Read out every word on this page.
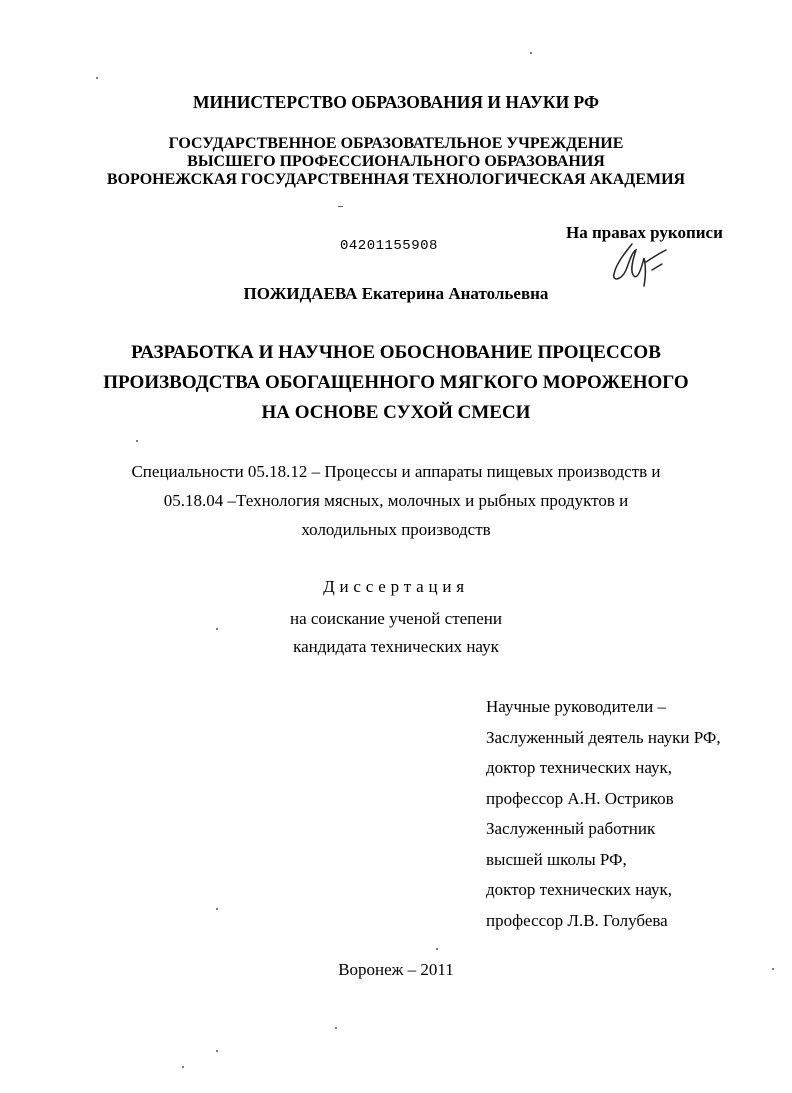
МИНИСТЕРСТВО ОБРАЗОВАНИЯ И НАУКИ РФ
ГОСУДАРСТВЕННОЕ ОБРАЗОВАТЕЛЬНОЕ УЧРЕЖДЕНИЕ
ВЫСШЕГО ПРОФЕССИОНАЛЬНОГО ОБРАЗОВАНИЯ
ВОРОНЕЖСКАЯ ГОСУДАРСТВЕННАЯ ТЕХНОЛОГИЧЕСКАЯ АКАДЕМИЯ
04201155908
На правах рукописи
ПОЖИДАЕВА Екатерина Анатольевна
РАЗРАБОТКА И НАУЧНОЕ ОБОСНОВАНИЕ ПРОЦЕССОВ
ПРОИЗВОДСТВА ОБОГАЩЕННОГО МЯГКОГО МОРОЖЕНОГО
НА ОСНОВЕ СУХОЙ СМЕСИ
Специальности 05.18.12 – Процессы и аппараты пищевых производств и
05.18.04 –Технология мясных, молочных и рыбных продуктов и
холодильных производств
Диссертация
на соискание ученой степени
кандидата технических наук
Научные руководители –
Заслуженный деятель науки РФ,
доктор технических наук,
профессор А.Н. Остриков
Заслуженный работник
высшей школы РФ,
доктор технических наук,
профессор Л.В. Голубева
Воронеж – 2011
